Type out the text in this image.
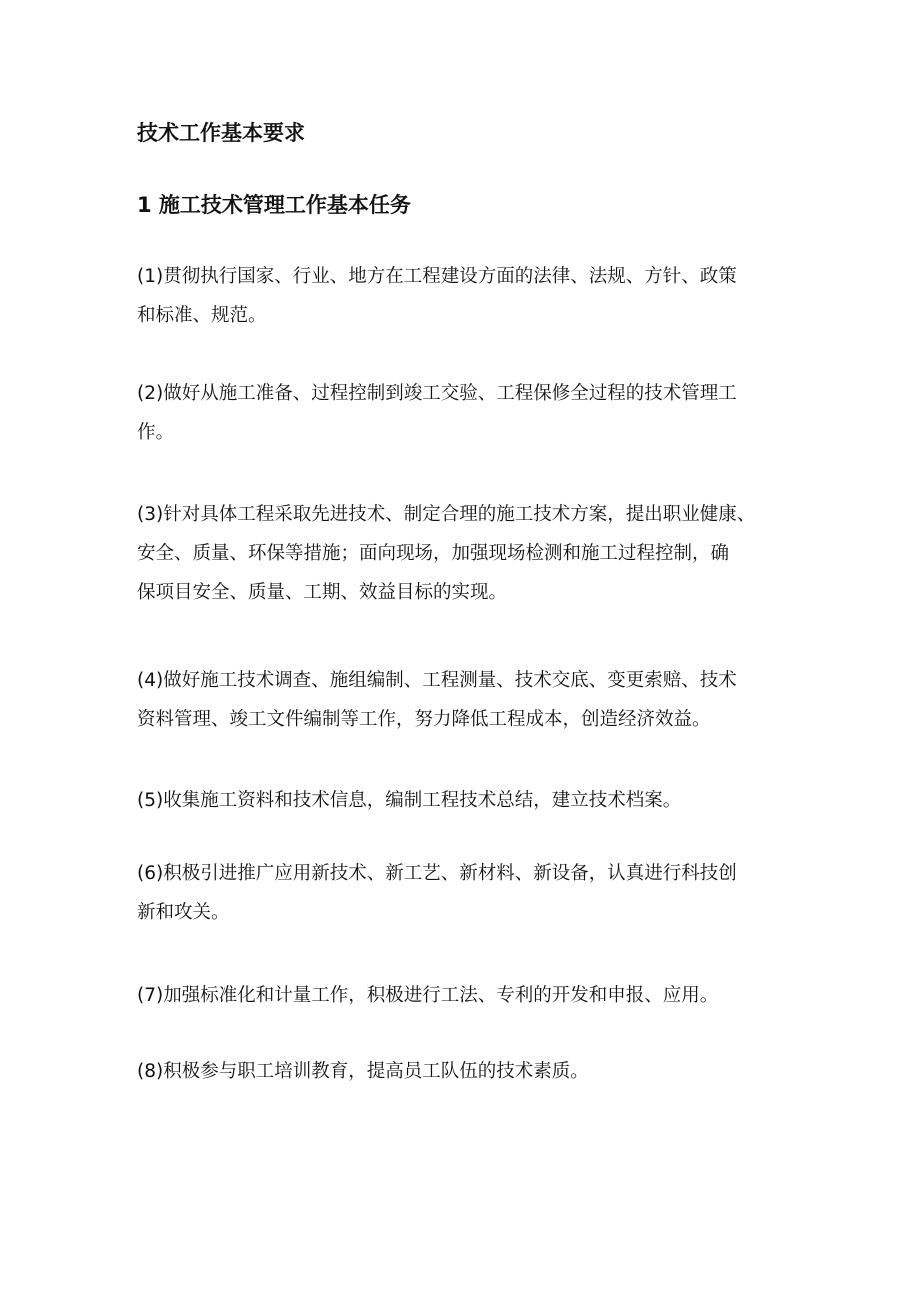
技术工作基本要求
1 施工技术管理工作基本任务
(1)贯彻执行国家、行业、地方在工程建设方面的法律、法规、方针、政策
和标准、规范。
(2)做好从施工准备、过程控制到竣工交验、工程保修全过程的技术管理工
作。
(3)针对具体工程采取先进技术、制定合理的施工技术方案，提出职业健康、
安全、质量、环保等措施；面向现场，加强现场检测和施工过程控制，确
保项目安全、质量、工期、效益目标的实现。
(4)做好施工技术调查、施组编制、工程测量、技术交底、变更索赔、技术
资料管理、竣工文件编制等工作，努力降低工程成本，创造经济效益。
(5)收集施工资料和技术信息，编制工程技术总结，建立技术档案。
(6)积极引进推广应用新技术、新工艺、新材料、新设备，认真进行科技创
新和攻关。
(7)加强标准化和计量工作，积极进行工法、专利的开发和申报、应用。
(8)积极参与职工培训教育，提高员工队伍的技术素质。
